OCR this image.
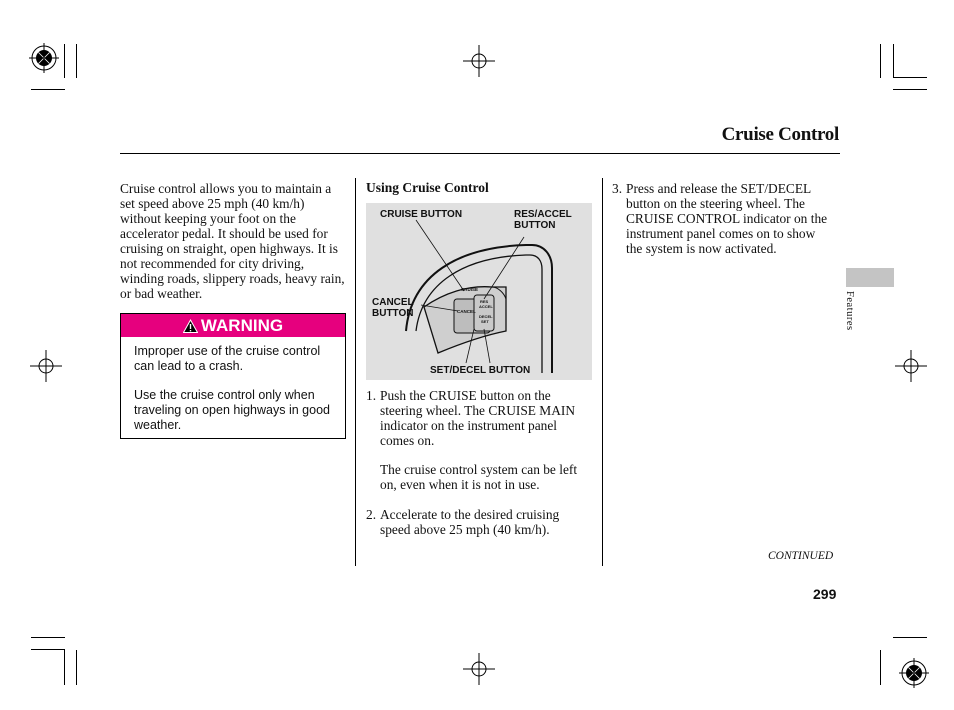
Cruise Control
Cruise control allows you to maintain a set speed above 25 mph (40 km/h) without keeping your foot on the accelerator pedal. It should be used for cruising on straight, open highways. It is not recommended for city driving, winding roads, slippery roads, heavy rain, or bad weather.
WARNING
Improper use of the cruise control can lead to a crash.
Use the cruise control only when traveling on open highways in good weather.
Using Cruise Control
CRUISE
CANCEL
RES
ACCEL
DECEL
SET
CRUISE BUTTON	RES/ACCEL BUTTON
CANCEL BUTTON
SET/DECEL BUTTON
1. Push the CRUISE button on the steering wheel. The CRUISE MAIN indicator on the instrument panel comes on.
The cruise control system can be left on, even when it is not in use.
2. Accelerate to the desired cruising speed above 25 mph (40 km/h).
3. Press and release the SET/DECEL button on the steering wheel. The CRUISE CONTROL indicator on the instrument panel comes on to show the system is now activated.
Features
CONTINUED
299
